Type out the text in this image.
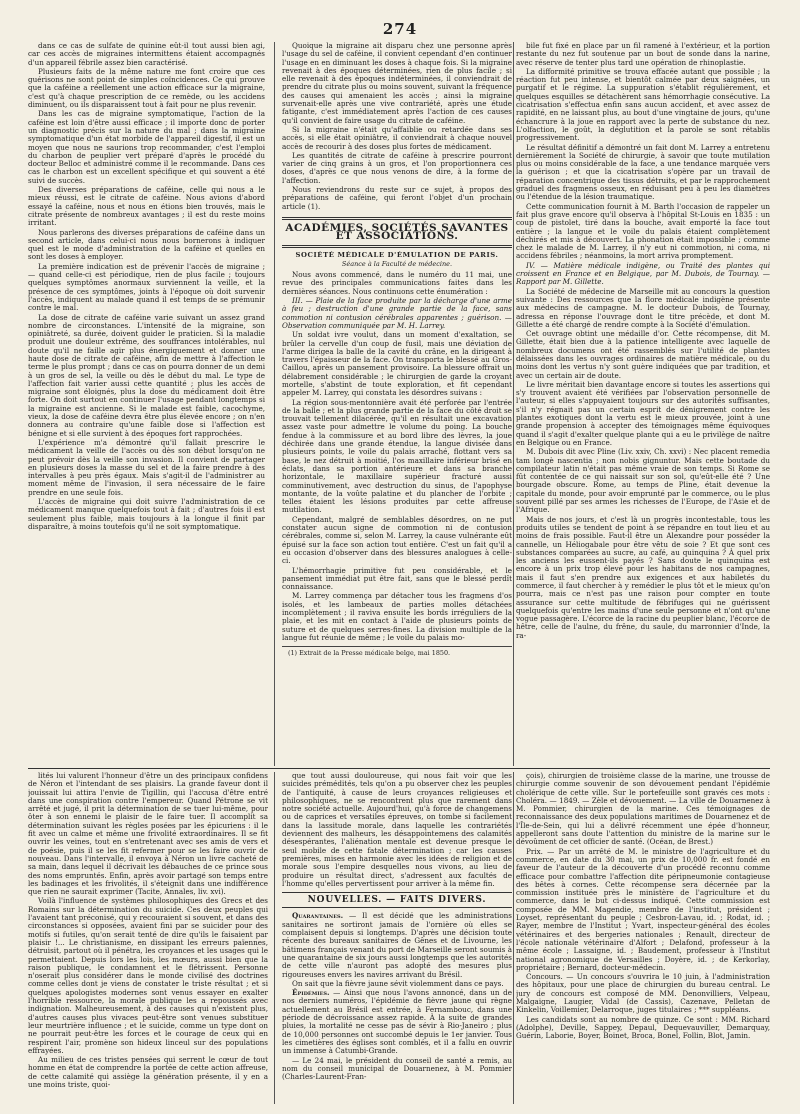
274

dans ce cas de sulfate de quinine eût-il tout aussi bien agi, car ces accès de migraines intermittens étaient accompagnés d'un appareil fébrile assez bien caractérisé.

Plusieurs faits de la même nature me font croire que ces guérisons ne sont point de simples coïncidences. Ce qui prouve que la caféine a réellement une action efficace sur la migraine, c'est qu'à chaque prescription de ce remède, ou les accidens diminuent, ou ils disparaissent tout à fait pour ne plus revenir.

Dans les cas de migraine symptomatique, l'action de la caféine est loin d'être aussi efficace ; il importe donc de porter un diagnostic précis sur la nature du mal ; dans la migraine symptomatique d'un état morbide de l'appareil digestif, il est un moyen que nous ne saurions trop recommander, c'est l'emploi du charbon de peuplier vert préparé d'après le procédé du docteur Belloc et administré comme il le recommande. Dans ces cas le charbon est un excellent spécifique et qui souvent a été suivi de succès.

Des diverses préparations de caféine, celle qui nous a le mieux réussi, est le citrate de caféine. Nous avions d'abord essayé la caféine, nous et nous en étions bien trouvés, mais le citrate présente de nombreux avantages ; il est du reste moins irritant.

Nous parlerons des diverses préparations de caféine dans un second article, dans celui-ci nous nous bornerons à indiquer quel est le mode d'administration de la caféine et quelles en sont les doses à employer.

La première indication est de prévenir l'accès de migraine ; — quand celle-ci est périodique, rien de plus facile ; toujours quelques symptômes anormaux surviennent la veille, et la présence de ces symptômes, joints à l'époque où doit survenir l'accès, indiquent au malade quand il est temps de se prémunir contre le mal.

La dose de citrate de caféine varie suivant un assez grand nombre de circonstances. L'intensité de la migraine, son opiniâtreté, sa durée, doivent guider le praticien. Si la maladie produit une douleur extrême, des souffrances intolérables, nul doute qu'il ne faille agir plus énergiquement et donner une haute dose de citrate de caféine, afin de mettre à l'affection le terme le plus prompt ; dans ce cas on pourra donner de un demi à un gros de sel, la veille ou dès le début du mal. Le type de l'affection fait varier aussi cette quantité ; plus les accès de migraine sont éloignés, plus la dose du médicament doit être forte. On doit surtout en continuer l'usage pendant longtemps si la migraine est ancienne. Si le malade est faible, cacochyme, vieux, la dose de caféine devra être plus élevée encore ; on n'en donnera au contraire qu'une faible dose si l'affection est bénigne et si elle survient à des époques fort rapprochées.

L'expérience m'a démontré qu'il fallait prescrire le médicament la veille de l'accès ou dès son début lorsqu'on ne peut prévoir dès la veille son invasion. Il convient de partager en plusieurs doses la masse du sel et de la faire prendre à des intervalles à peu près égaux. Mais s'agit-il de l'administrer au moment même de l'invasion, il sera nécessaire de le faire prendre en une seule fois.

L'accès de migraine qui doit suivre l'administration de ce médicament manque quelquefois tout à fait ; d'autres fois il est seulement plus faible, mais toujours à la longue il finit par disparaître, à moins toutefois qu'il ne soit symptomatique.

Quoique la migraine ait disparu chez une personne après l'usage du sel de caféine, il convient cependant d'en continuer l'usage en en diminuant les doses à chaque fois. Si la migraine revenait à des époques déterminées, rien de plus facile ; si elle revenait à des époques indéterminées, il conviendrait de prendre du citrate plus ou moins souvent, suivant la fréquence des causes qui amenaient les accès ; ainsi la migraine survenait-elle après une vive contrariété, après une étude fatigante, c'est immédiatement après l'action de ces causes qu'il convient de faire usage du citrate de caféine.

Si la migraine n'était qu'affaiblie ou retardée dans ses accès, si elle était opiniâtre, il conviendrait à chaque nouvel accès de recourir à des doses plus fortes de médicament.

Les quantités de citrate de caféine à prescrire pourront varier de cinq grains à un gros, et l'on proportionnera ces doses, d'après ce que nous venons de dire, à la forme de l'affection.

Nous reviendrons du reste sur ce sujet, à propos des préparations de caféine, qui feront l'objet d'un prochain article (1).

ACADÉMIES, SOCIÉTÉS SAVANTES ET ASSOCIATIONS.
SOCIÉTÉ MÉDICALE D'ÉMULATION DE PARIS.
Séance à la Faculté de médecine.

Nous avons commencé, dans le numéro du 11 mai, une revue des principales communications faites dans les dernières séances. Nous continuons cette énumération :

III. — Plaie de la face produite par la décharge d'une arme à feu ; destruction d'une grande partie de la face, sans commotion ni contusion cérébrales apparentes ; guérison. — Observation communiquée par M. H. Larrey.

Un soldat ivre voulut, dans un moment d'exaltation, se brûler la cervelle d'un coup de fusil, mais une déviation de l'arme dirigea la balle de la cavité du crâne, en la dirigeant à travers l'épaisseur de la face. On transporta le blessé au Gros-Caillou, après un pansement provisoire. La blessure offrait un délabrement considérable ; le chirurgien de garde la croyant mortelle, s'abstint de toute exploration, et fit cependant appeler M. Larrey, qui constata les désordres suivans :

La région sous-mentonnière avait été perforée par l'entrée de la balle ; et la plus grande partie de la face du côté droit se trouvait tellement dilacérée, qu'il en résultait une excavation assez vaste pour admettre le volume du poing. La bouche fendue à la commissure et au bord libre des lèvres, la joue déchirée dans une grande étendue, la langue divisée dans plusieurs points, le voile du palais arraché, flottant vers sa base, le nez détruit à moitié, l'os maxillaire inférieur brisé en éclats, dans sa portion antérieure et dans sa branche horizontale, le maxillaire supérieur fracturé aussi comminutivement, avec destruction du sinus, de l'apophyse montante, de la voûte palatine et du plancher de l'orbite ; telles étaient les lésions produites par cette affreuse mutilation.

Cependant, malgré de semblables désordres, on ne put constater aucun signe de commotion ni de contusion cérébrales, comme si, selon M. Larrey, la cause vulnérante eût épuisé sur la face son action tout entière. C'est un fait qu'il a eu occasion d'observer dans des blessures analogues à celle-ci.

L'hémorrhagie primitive fut peu considérable, et le pansement immédiat put être fait, sans que le blessé perdît connaissance.

M. Larrey commença par détacher tous les fragmens d'os isolés, et les lambeaux de parties molles détachées incomplètement ; il raviva ensuite les bords irréguliers de la plaie, et les mit en contact à l'aide de plusieurs points de suture et de quelques serres-fines. La division multiple de la langue fut réunie de même ; le voile du palais mo-

(1) Extrait de la Presse médicale belge, mai 1850.

bile fut fixé en place par un fil ramené à l'extérieur, et la portion restante du nez fut soutenue par un bout de sonde dans la narine, avec réserve de tenter plus tard une opération de rhinoplastie.

La difformité primitive se trouva effacée autant que possible ; la réaction fut peu intense, et bientôt calmée par deux saignées, un purgatif et le régime. La suppuration s'établit régulièrement, et quelques esquilles se détachèrent sans hémorrhagie consécutive. La cicatrisation s'effectua enfin sans aucun accident, et avec assez de rapidité, en ne laissant plus, au bout d'une vingtaine de jours, qu'une échancrure à la joue en rapport avec la perte de substance du nez. L'olfaction, le goût, la déglutition et la parole se sont rétablis progressivement.

Le résultat définitif a démontré un fait dont M. Larrey a entretenu dernièrement la Société de chirurgie, à savoir que toute mutilation plus ou moins considérable de la face, a une tendance marquée vers la guérison ; et que la cicatrisation s'opère par un travail de réparation concentrique des tissus détruits, et par le rapprochement graduel des fragmens osseux, en réduisant peu à peu les diamètres ou l'étendue de la lésion traumatique.

Cette communication fournit à M. Barth l'occasion de rappeler un fait plus grave encore qu'il observa à l'hôpital St-Louis en 1835 : un coup de pistolet, tiré dans la bouche, avait emporté la face tout entière ; la langue et le voile du palais étaient complètement déchirés et mis à découvert. La phonation était impossible ; comme chez le malade de M. Larrey, il n'y eut ni commotion, ni coma, ni accidens fébriles ; néanmoins, la mort arriva promptement.

IV. — Matière médicale indigène, ou Traité des plantes qui croissent en France et en Belgique, par M. Dubois, de Tournay. — Rapport par M. Gillette.

La Société de médecine de Marseille mit au concours la question suivante : Des ressources que la flore médicale indigène présente aux médecins de campagne. M. le docteur Dubois, de Tournay, adressa en réponse l'ouvrage dont le titre précède, et dont M. Gillette a été chargé de rendre compte à la Société d'émulation.

Cet ouvrage obtint une médaille d'or. Cette récompense, dit M. Gillette, était bien due à la patience intelligente avec laquelle de nombreux documens ont été rassemblés sur l'utilité de plantes délaissées dans les ouvrages ordinaires de matière médicale, ou du moins dont les vertus n'y sont guère indiquées que par tradition, et avec un certain air de doute.

Le livre méritait bien davantage encore si toutes les assertions qui s'y trouvent avaient été vérifiées par l'observation personnelle de l'auteur, si elles s'appuyaient toujours sur des autorités suffisantes, s'il n'y régnait pas un certain esprit de dénigrement contre les plantes exotiques dont la vertu est le mieux prouvée, joint à une grande propension à accepter des témoignages même équivoques quand il s'agit d'exalter quelque plante qui a eu le privilège de naître en Belgique ou en France.

M. Dubois dit avec Pline (Liv. xxiv, Ch. xxvi) : Nec placent remedia tam longè nascentia ; non nobis gignuntur. Mais cette boutade du compilateur latin n'était pas même vraie de son temps. Si Rome se fût contentée de ce qui naissait sur son sol, qu'eût-elle été ? Une bourgade obscure. Rome, au temps de Pline, était devenue la capitale du monde, pour avoir emprunté par le commerce, ou le plus souvent pillé par ses armes les richesses de l'Europe, de l'Asie et de l'Afrique.

Mais de nos jours, et c'est là un progrès incontestable, tous les produits utiles se tendent de point à se répandre en tout lieu et au moins de frais possible. Faut-il être un Alexandre pour posséder la cannelle, un Héliogabale pour être vêtu de soie ? Et que sont ces substances comparées au sucre, au café, au quinquina ? À quel prix les anciens les eussent-ils payés ? Sans doute le quinquina est encore à un prix trop élevé pour les habitans de nos campagnes, mais il faut s'en prendre aux exigences et aux habiletés du commerce, il faut chercher à y remédier le plus tôt et le mieux qu'on pourra, mais ce n'est pas une raison pour compter en toute assurance sur cette multitude de fébrifuges qui ne guérissent quelquefois qu'entre les mains d'une seule personne et n'ont qu'une vogue passagère. L'écorce de la racine du peuplier blanc, l'écorce de hêtre, celle de l'aulne, du frêne, du saule, du marronnier d'Inde, la ra-

lités lui valurent l'honneur d'être un des principaux confidens de Néron et l'intendant de ses plaisirs. La grande faveur dont il jouissait lui attira l'envie de Tigillin, qui l'accusa d'être entré dans une conspiration contre l'empereur. Quand Pétrone se vit arrêté et jugé, il prit la détermination de se tuer lui-même, pour ôter à son ennemi le plaisir de le faire tuer. Il accomplit sa détermination suivant les règles posées par les épicuriens : il le fit avec un calme et même une frivolité extraordinaires. Il se fit ouvrir les veines, tout en s'entretenant avec ses amis de vers et de poésie, puis il se les fit refermer pour se les faire ouvrir de nouveau. Dans l'intervalle, il envoya à Néron un livre cacheté de sa main, dans lequel il décrivait les débauches de ce prince sous des noms empruntés. Enfin, après avoir partagé son temps entre les badinages et les frivolités, il s'éteignit dans une indifférence que rien ne saurait exprimer (Tacite, Annales, liv. xvi).

Voilà l'influence de systèmes philosophiques des Grecs et des Romains sur la détermination du suicide. Ces deux peuples qui l'avaient tant préconisé, qui y recouraient si souvent, et dans des circonstances si opposées, avaient fini par se suicider pour des motifs si futiles, qu'on serait tenté de dire qu'ils le faisaient par plaisir !... Le christianisme, en dissipant les erreurs païennes, détruisit, partout où il pénétra, les croyances et les usages qui le permettaient. Depuis lors les lois, les mœurs, aussi bien que la raison publique, le condamnent et le flétrissent. Personne n'oserait plus considérer dans le monde civilisé des doctrines comme celles dont je viens de constater le triste résultat ; et si quelques apologistes modernes sont venus essayer en exalter l'horrible ressource, la morale publique les a repoussés avec indignation. Malheureusement, à des causes qui n'existent plus, d'autres causes plus vivaces peut-être sont venues substituer leur meurtrière influence ; et le suicide, comme un type dont on ne pourrait peut-être les forces et le courage de ceux qui en respirent l'air, promène son hideux linceul sur des populations effrayées.

Au milieu de ces tristes pensées qui serrent le cœur de tout homme en état de comprendre la portée de cette action affreuse, de cette calamité qui assiège la génération présente, il y en a une moins triste, quoi-

que tout aussi douloureuse, qui nous fait voir que les suicides prémédités, tels qu'on a pu observer chez les peuples de l'antiquité, à cause de leurs croyances religieuses et philosophiques, ne se rencontrent plus que rarement dans notre société actuelle. Aujourd'hui, qu'à force de changemens ou de caprices et versatiles épreuves, on tombe si facilement dans la lassitude morale, dans laquelle les contrariétés deviennent des malheurs, les désappointemens des calamités désespérantes, l'aliénation mentale est devenue presque le seul mobile de cette fatale détermination ; car les causes premières, mises en harmonie avec les idées de religion et de morale sous l'empire desquelles nous vivons, au lieu de produire un résultat direct, s'adressent aux facultés de l'homme qu'elles pervertissent pour arriver à la même fin.

NOUVELLES. — FAITS DIVERS.

Quarantaines. — Il est décidé que les administrations sanitaires ne sortiront jamais de l'ornière où elles se complaisent depuis si longtemps. D'après une décision toute récente des bureaux sanitaires de Gênes et de Livourne, les bâtimens français venant du port de Marseille seront soumis à une quarantaine de six jours aussi longtemps que les autorités de cette ville n'auront pas adopté des mesures plus rigoureuses envers les navires arrivant du Brésil.

On sait que la fièvre jaune sévit violemment dans ce pays.

Épidémies. — Ainsi que nous l'avons annoncé, dans un de nos derniers numéros, l'épidémie de fièvre jaune qui règne actuellement au Brésil est entrée, à Fernambouc, dans une période de décroissance assez rapide. À la suite de grandes pluies, la mortalité ne cesse pas de sévir à Rio-Janeiro ; plus de 10,000 personnes ont succombé depuis le 1er janvier. Tous les cimetières des églises sont comblés, et il a fallu en ouvrir un immense à Catumbi-Grande.

— Le 24 mai, le président du conseil de santé a remis, au nom du conseil municipal de Douarnenez, à M. Pommier (Charles-Laurent-Fran-

çois), chirurgien de troisième classe de la marine, une trousse de chirurgie comme souvenir de son dévouement pendant l'épidémie cholérique de cette ville. Sur le portefeuille sont gravés ces mots : Choléra. — 1849. — Zèle et dévouement. — La ville de Douarnenez à M. Pommier, chirurgien de la marine. Ces témoignages de reconnaissance des deux populations maritimes de Douarnenez et de l'Île-de-Sein, qui lui a délivré récemment une épée d'honneur, appelleront sans doute l'attention du ministre de la marine sur le dévoûment de cet officier de santé. (Océan, de Brest.)

Prix. — Par un arrêté de M. le ministre de l'agriculture et du commerce, en date du 30 mai, un prix de 10,000 fr. est fondé en faveur de l'auteur de la découverte d'un procédé reconnu comme efficace pour combattre l'affection dite péripneumonie contagieuse des bêtes à cornes. Cette récompense sera décernée par la commission instituée près le ministère de l'agriculture et du commerce, dans le but ci-dessus indiqué. Cette commission est composée de MM. Magendie, membre de l'institut, président ; Loyset, représentant du peuple ; Cesbron-Lavau, id. ; Rodat, id. ; Rayer, membre de l'Institut ; Yvart, inspecteur-général des écoles vétérinaires et des bergeries nationales ; Renault, directeur de l'école nationale vétérinaire d'Alfort ; Delafond, professeur à la même école ; Lassaigne, id. ; Baudement, professeur à l'Institut national agronomique de Versailles ; Doyère, id. ; de Kerkorlay, propriétaire ; Bernard, docteur-médecin.

Concours. — Un concours s'ouvrira le 10 juin, à l'administration des hôpitaux, pour une place de chirurgien du bureau central. Le jury de concours est composé de MM. Denonvilliers, Velpeau, Malgaigne, Laugier, Vidal (de Cassis), Cazenave, Pelletan de Kinkelin, Voillemier, Delarroque, juges titulaires ; *** suppléans.

Les candidats sont au nombre de quinze. Ce sont : MM. Richard (Adolphe), Deville, Sappey, Depaul, Dequevauviller, Demarquay, Guérin, Laborie, Boyer, Boinet, Broca, Bonel, Follin, Blot, Jamin.
